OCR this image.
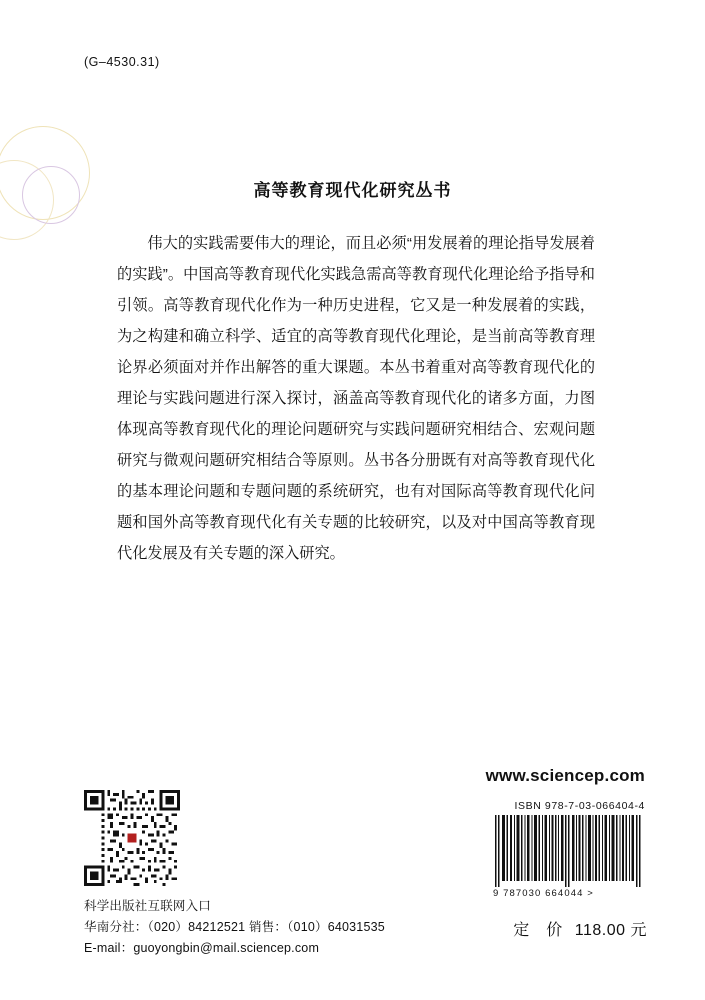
(G–4530.31)
高等教育现代化研究丛书
伟大的实践需要伟大的理论，而且必须“用发展着的理论指导发展着的实践”。中国高等教育现代化实践急需高等教育现代化理论给予指导和引领。高等教育现代化作为一种历史进程，它又是一种发展着的实践，为之构建和确立科学、适宜的高等教育现代化理论，是当前高等教育理论界必须面对并作出解答的重大课题。本丛书着重对高等教育现代化的理论与实践问题进行深入探讨，涵盖高等教育现代化的诸多方面，力图体现高等教育现代化的理论问题研究与实践问题研究相结合、宏观问题研究与微观问题研究相结合等原则。丛书各分册既有对高等教育现代化的基本理论问题和专题问题的系统研究，也有对国际高等教育现代化问题和国外高等教育现代化有关专题的比较研究，以及对中国高等教育现代化发展及有关专题的深入研究。
科学出版社互联网入口
华南分社：（020）84212521 销售：（010）64031535
E-mail：guoyongbin@mail.sciencep.com
www.sciencep.com
ISBN 978-7-03-066404-4
9 787030 664044 >
定　价 118.00 元
